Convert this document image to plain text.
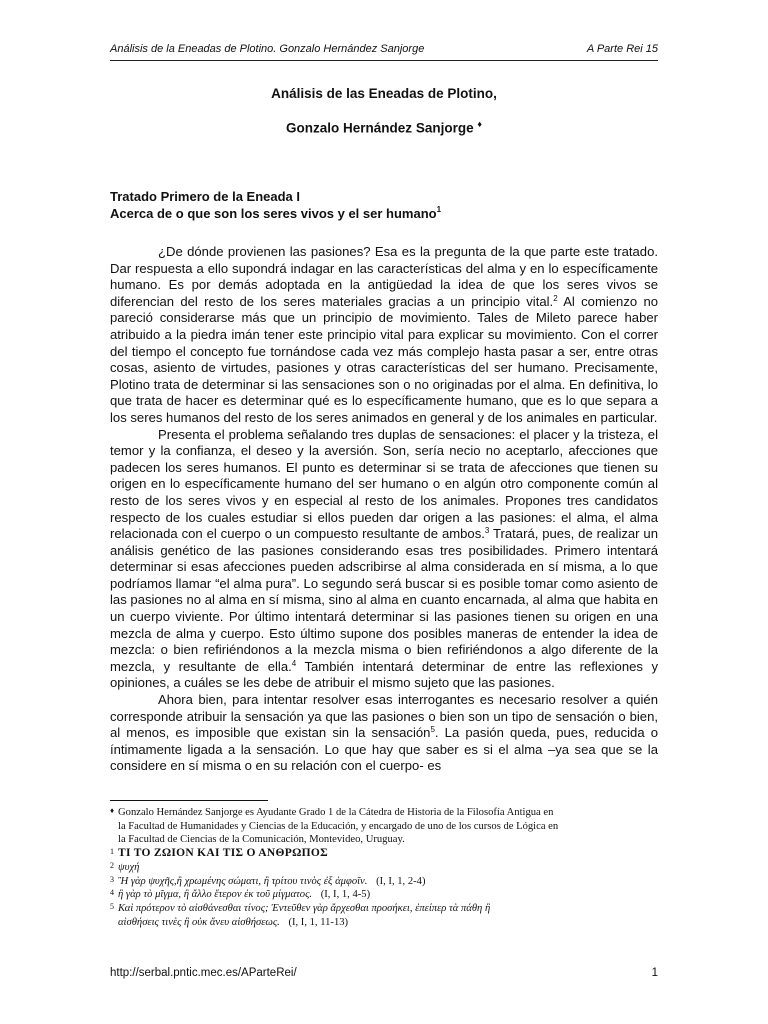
Análisis de la Eneadas de Plotino. Gonzalo Hernández Sanjorge	A Parte Rei 15
Análisis de las Eneadas de Plotino,
Gonzalo Hernández Sanjorge ♦
Tratado Primero de la Eneada I
Acerca de o que son los seres vivos y el ser humano$^1$

¿De dónde provienen las pasiones? Esa es la pregunta de la que parte este tratado. Dar respuesta a ello supondrá indagar en las características del alma y en lo específicamente humano. Es por demás adoptada en la antigüedad la idea de que los seres vivos se diferencian del resto de los seres materiales gracias a un principio vital.$^2$ Al comienzo no pareció considerarse más que un principio de movimiento. Tales de Mileto parece haber atribuido a la piedra imán tener este principio vital para explicar su movimiento. Con el correr del tiempo el concepto fue tornándose cada vez más complejo hasta pasar a ser, entre otras cosas, asiento de virtudes, pasiones y otras características del ser humano. Precisamente, Plotino trata de determinar si las sensaciones son o no originadas por el alma. En definitiva, lo que trata de hacer es determinar qué es lo específicamente humano, que es lo que separa a los seres humanos del resto de los seres animados en general y de los animales en particular.

Presenta el problema señalando tres duplas de sensaciones: el placer y la tristeza, el temor y la confianza, el deseo y la aversión. Son, sería necio no aceptarlo, afecciones que padecen los seres humanos. El punto es determinar si se trata de afecciones que tienen su origen en lo específicamente humano del ser humano o en algún otro componente común al resto de los seres vivos y en especial al resto de los animales. Propones tres candidatos respecto de los cuales estudiar si ellos pueden dar origen a las pasiones: el alma, el alma relacionada con el cuerpo o un compuesto resultante de ambos.$^3$ Tratará, pues, de realizar un análisis genético de las pasiones considerando esas tres posibilidades. Primero intentará determinar si esas afecciones pueden adscribirse al alma considerada en sí misma, a lo que podríamos llamar “el alma pura”. Lo segundo será buscar si es posible tomar como asiento de las pasiones no al alma en sí misma, sino al alma en cuanto encarnada, al alma que habita en un cuerpo viviente. Por último intentará determinar si las pasiones tienen su origen en una mezcla de alma y cuerpo. Esto último supone dos posibles maneras de entender la idea de mezcla: o bien refiriéndonos a la mezcla misma o bien refiriéndonos a algo diferente de la mezcla, y resultante de ella.$^4$ También intentará determinar de entre las reflexiones y opiniones, a cuáles se les debe de atribuir el mismo sujeto que las pasiones.

Ahora bien, para intentar resolver esas interrogantes es necesario resolver a quién corresponde atribuir la sensación ya que las pasiones o bien son un tipo de sensación o bien, al menos, es imposible que existan sin la sensación$^5$. La pasión queda, pues, reducida o íntimamente ligada a la sensación. Lo que hay que saber es si el alma –ya sea que se la considere en sí misma o en su relación con el cuerpo- es

♦ Gonzalo Hernández Sanjorge es Ayudante Grado 1 de la Cátedra de Historia de la Filosofía Antigua en
la Facultad de Humanidades y Ciencias de la Educación, y encargado de uno de los cursos de Lógica en
la Facultad de Ciencias de la Comunicación, Montevideo, Uruguay.
1 ΤΙ ΤΟ ΖΩΙΟΝ ΚΑΙ ΤΙΣ Ο ΑΝΘΡΩΠΟΣ
2 ψυχή
3 Ἢ γὰρ ψυχῆς,ἢ χρωμένης σώματι, ἢ τρίτου τινὸς ἐξ ἀμφοῖν. (I, I, 1, 2-4)
4 ἢ γὰρ τὸ μῖγμα, ἢ ἄλλο ἕτερον ἐκ τοῦ μίγματος. (I, I, 1, 4-5)
5 Καὶ πρότερον τὸ αἰσθάνεσθαι τίνος; Ἐντεῦθεν γὰρ ἄρχεσθαι προσήκει, ἐπείπερ τὰ πάθη ἢ
αἰσθήσεις τινὲς ἢ οὐκ ἄνευ αἰσθήσεως. (I, I, 1, 11-13)
http://serbal.pntic.mec.es/AParteRei/	1
